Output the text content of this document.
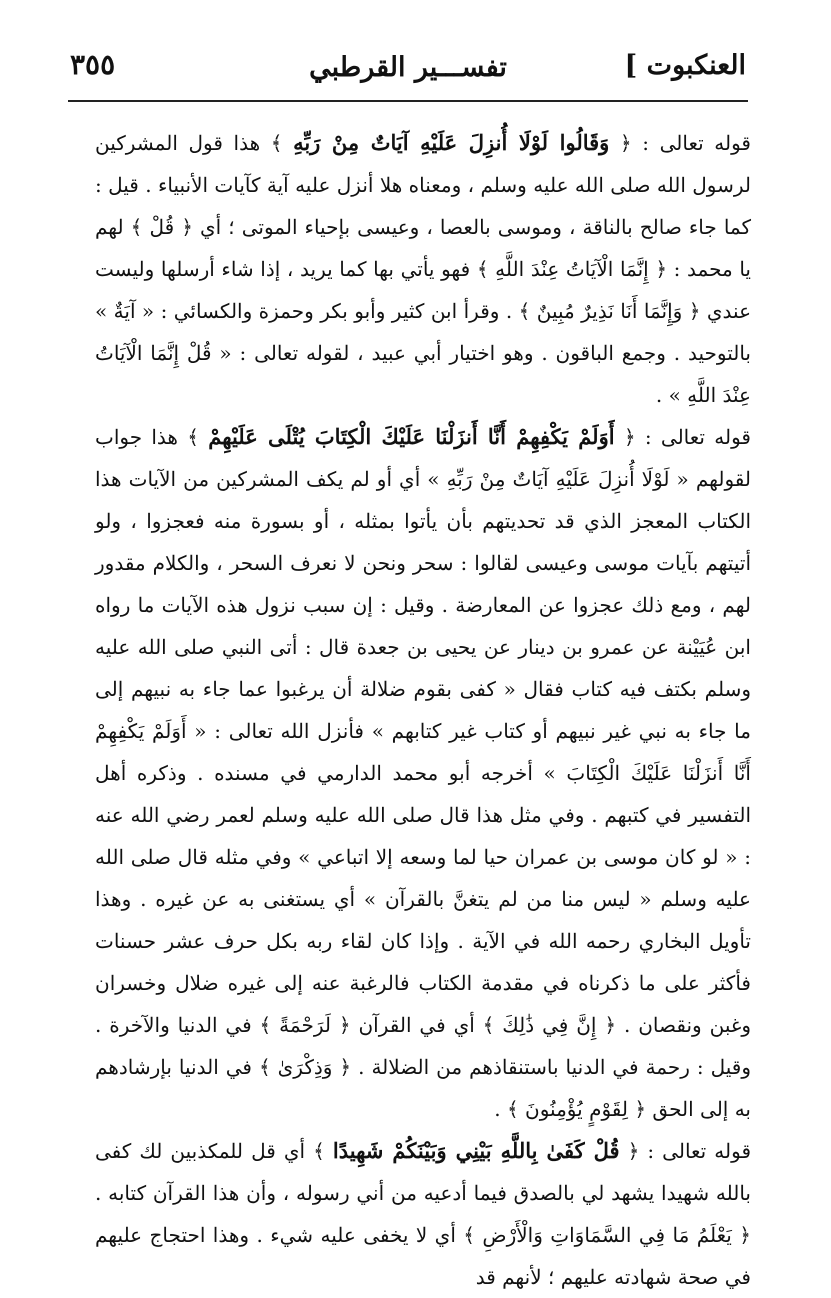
العنكبوت ]
تفســـير القرطبي
٣٥٥

قوله تعالى : ﴿ وَقَالُوا لَوْلَا أُنزِلَ عَلَيْهِ آيَاتٌ مِنْ رَبِّهِ ﴾ هذا قول المشركين لرسول الله صلى الله عليه وسلم ، ومعناه هلا أنزل عليه آية كآيات الأنبياء . قيل : كما جاء صالح بالناقة ، وموسى بالعصا ، وعيسى بإحياء الموتى ؛ أي ﴿ قُلْ ﴾ لهم يا محمد : ﴿ إِنَّمَا الْآيَاتُ عِنْدَ اللَّهِ ﴾ فهو يأتي بها كما يريد ، إذا شاء أرسلها وليست عندي ﴿ وَإِنَّمَا أَنَا نَذِيرٌ مُبِينٌ ﴾ . وقرأ ابن كثير وأبو بكر وحمزة والكسائي : « آيَةٌ » بالتوحيد . وجمع الباقون . وهو اختيار أبي عبيد ، لقوله تعالى : « قُلْ إِنَّمَا الْآيَاتُ عِنْدَ اللَّهِ » .

قوله تعالى : ﴿ أَوَلَمْ يَكْفِهِمْ أَنَّا أَنزَلْنَا عَلَيْكَ الْكِتَابَ يُتْلَى عَلَيْهِمْ ﴾ هذا جواب لقولهم « لَوْلَا أُنزِلَ عَلَيْهِ آيَاتٌ مِنْ رَبِّهِ » أي أو لم يكف المشركين من الآيات هذا الكتاب المعجز الذي قد تحديتهم بأن يأتوا بمثله ، أو بسورة منه فعجزوا ، ولو أتيتهم بآيات موسى وعيسى لقالوا : سحر ونحن لا نعرف السحر ، والكلام مقدور لهم ، ومع ذلك عجزوا عن المعارضة . وقيل : إن سبب نزول هذه الآيات ما رواه ابن عُيَيْنة عن عمرو بن دينار عن يحيى بن جعدة قال : أتى النبي صلى الله عليه وسلم بكتف فيه كتاب فقال « كفى بقوم ضلالة أن يرغبوا عما جاء به نبيهم إلى ما جاء به نبي غير نبيهم أو كتاب غير كتابهم » فأنزل الله تعالى : « أَوَلَمْ يَكْفِهِمْ أَنَّا أَنزَلْنَا عَلَيْكَ الْكِتَابَ » أخرجه أبو محمد الدارمي في مسنده . وذكره أهل التفسير في كتبهم . وفي مثل هذا قال صلى الله عليه وسلم لعمر رضي الله عنه : « لو كان موسى بن عمران حيا لما وسعه إلا اتباعي » وفي مثله قال صلى الله عليه وسلم « ليس منا من لم يتغنَّ بالقرآن » أي يستغنى به عن غيره . وهذا تأويل البخاري رحمه الله في الآية . وإذا كان لقاء ربه بكل حرف عشر حسنات فأكثر على ما ذكرناه في مقدمة الكتاب فالرغبة عنه إلى غيره ضلال وخسران وغبن ونقصان . ﴿ إِنَّ فِي ذَٰلِكَ ﴾ أي في القرآن ﴿ لَرَحْمَةً ﴾ في الدنيا والآخرة . وقيل : رحمة في الدنيا باستنقاذهم من الضلالة . ﴿ وَذِكْرَىٰ ﴾ في الدنيا بإرشادهم به إلى الحق ﴿ لِقَوْمٍ يُؤْمِنُونَ ﴾ .

قوله تعالى : ﴿ قُلْ كَفَىٰ بِاللَّهِ بَيْنِي وَبَيْنَكُمْ شَهِيدًا ﴾ أي قل للمكذبين لك كفى بالله شهيدا يشهد لي بالصدق فيما أدعيه من أني رسوله ، وأن هذا القرآن كتابه . ﴿ يَعْلَمُ مَا فِي السَّمَاوَاتِ وَالْأَرْضِ ﴾ أي لا يخفى عليه شيء . وهذا احتجاج عليهم في صحة شهادته عليهم ؛ لأنهم قد
